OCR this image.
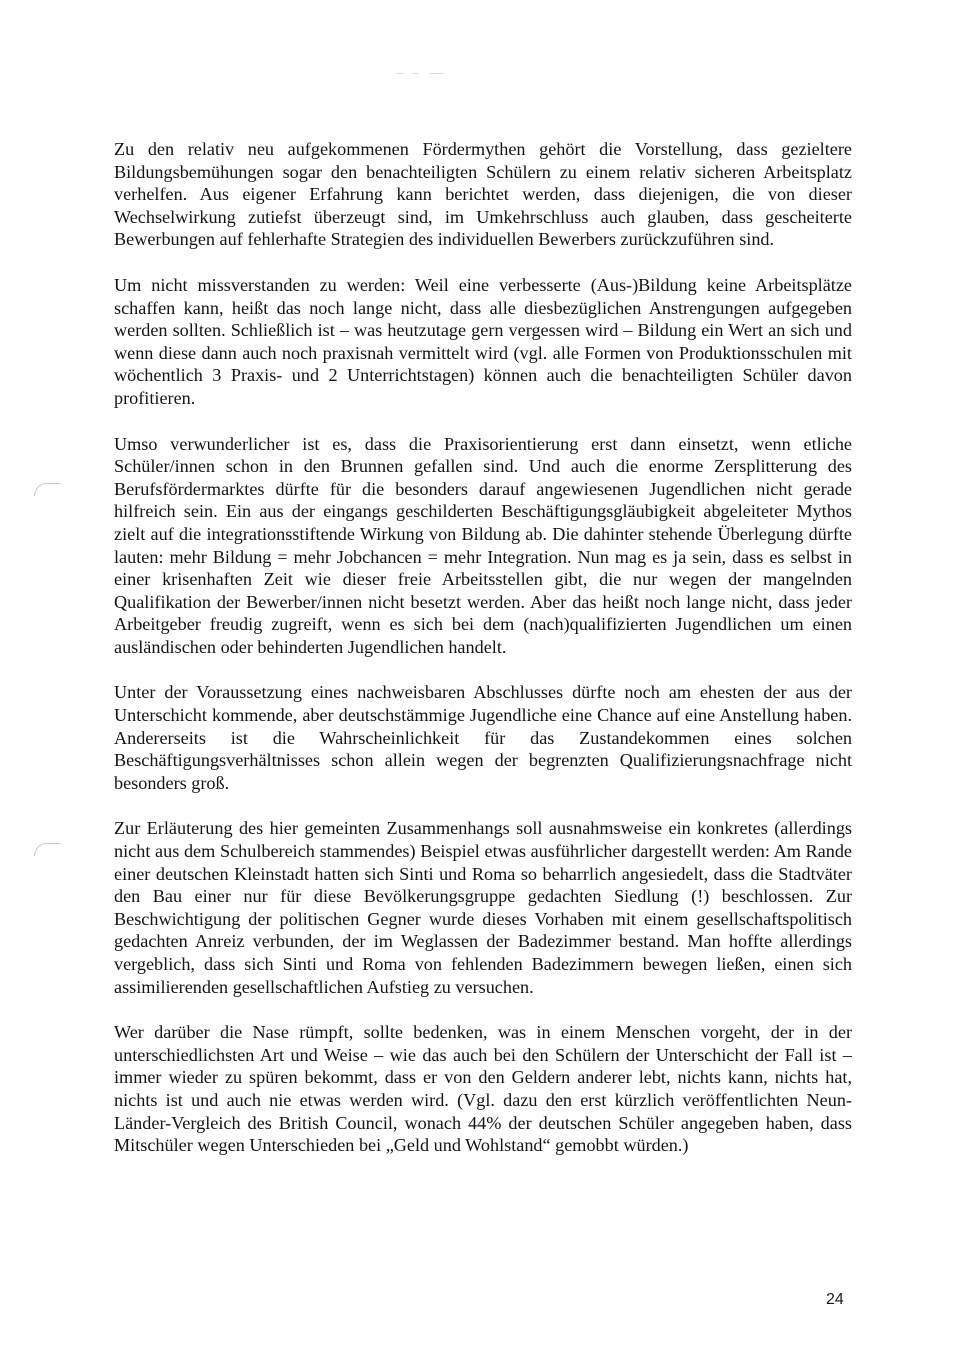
Zu den relativ neu aufgekommenen Fördermythen gehört die Vorstellung, dass gezieltere Bildungsbemühungen sogar den benachteiligten Schülern zu einem relativ sicheren Arbeitsplatz verhelfen. Aus eigener Erfahrung kann berichtet werden, dass diejenigen, die von dieser Wechselwirkung zutiefst überzeugt sind, im Umkehrschluss auch glauben, dass gescheiterte Bewerbungen auf fehlerhafte Strategien des individuellen Bewerbers zurückzuführen sind.

Um nicht missverstanden zu werden: Weil eine verbesserte (Aus-)Bildung keine Arbeitsplätze schaffen kann, heißt das noch lange nicht, dass alle diesbezüglichen Anstrengungen aufgegeben werden sollten. Schließlich ist – was heutzutage gern vergessen wird – Bildung ein Wert an sich und wenn diese dann auch noch praxisnah vermittelt wird (vgl. alle Formen von Produktionsschulen mit wöchentlich 3 Praxis- und 2 Unterrichtstagen) können auch die benachteiligten Schüler davon profitieren.

Umso verwunderlicher ist es, dass die Praxisorientierung erst dann einsetzt, wenn etliche Schüler/innen schon in den Brunnen gefallen sind. Und auch die enorme Zersplitterung des Berufsfördermarktes dürfte für die besonders darauf angewiesenen Jugendlichen nicht gerade hilfreich sein. Ein aus der eingangs geschilderten Beschäftigungsgläubigkeit abgeleiteter Mythos zielt auf die integrationsstiftende Wirkung von Bildung ab. Die dahinter stehende Überlegung dürfte lauten: mehr Bildung = mehr Jobchancen = mehr Integration. Nun mag es ja sein, dass es selbst in einer krisenhaften Zeit wie dieser freie Arbeitsstellen gibt, die nur wegen der mangelnden Qualifikation der Bewerber/innen nicht besetzt werden. Aber das heißt noch lange nicht, dass jeder Arbeitgeber freudig zugreift, wenn es sich bei dem (nach)qualifizierten Jugendlichen um einen ausländischen oder behinderten Jugendlichen handelt.

Unter der Voraussetzung eines nachweisbaren Abschlusses dürfte noch am ehesten der aus der Unterschicht kommende, aber deutschstämmige Jugendliche eine Chance auf eine Anstellung haben. Andererseits ist die Wahrscheinlichkeit für das Zustandekommen eines solchen Beschäftigungsverhältnisses schon allein wegen der begrenzten Qualifizierungsnachfrage nicht besonders groß.

Zur Erläuterung des hier gemeinten Zusammenhangs soll ausnahmsweise ein konkretes (allerdings nicht aus dem Schulbereich stammendes) Beispiel etwas ausführlicher dargestellt werden: Am Rande einer deutschen Kleinstadt hatten sich Sinti und Roma so beharrlich angesiedelt, dass die Stadtväter den Bau einer nur für diese Bevölkerungsgruppe gedachten Siedlung (!) beschlossen. Zur Beschwichtigung der politischen Gegner wurde dieses Vorhaben mit einem gesellschaftspolitisch gedachten Anreiz verbunden, der im Weglassen der Badezimmer bestand. Man hoffte allerdings vergeblich, dass sich Sinti und Roma von fehlenden Badezimmern bewegen ließen, einen sich assimilierenden gesellschaftlichen Aufstieg zu versuchen.

Wer darüber die Nase rümpft, sollte bedenken, was in einem Menschen vorgeht, der in der unterschiedlichsten Art und Weise – wie das auch bei den Schülern der Unterschicht der Fall ist – immer wieder zu spüren bekommt, dass er von den Geldern anderer lebt, nichts kann, nichts hat, nichts ist und auch nie etwas werden wird. (Vgl. dazu den erst kürzlich veröffentlichten Neun-Länder-Vergleich des British Council, wonach 44% der deutschen Schüler angegeben haben, dass Mitschüler wegen Unterschieden bei „Geld und Wohlstand“ gemobbt würden.)

24
